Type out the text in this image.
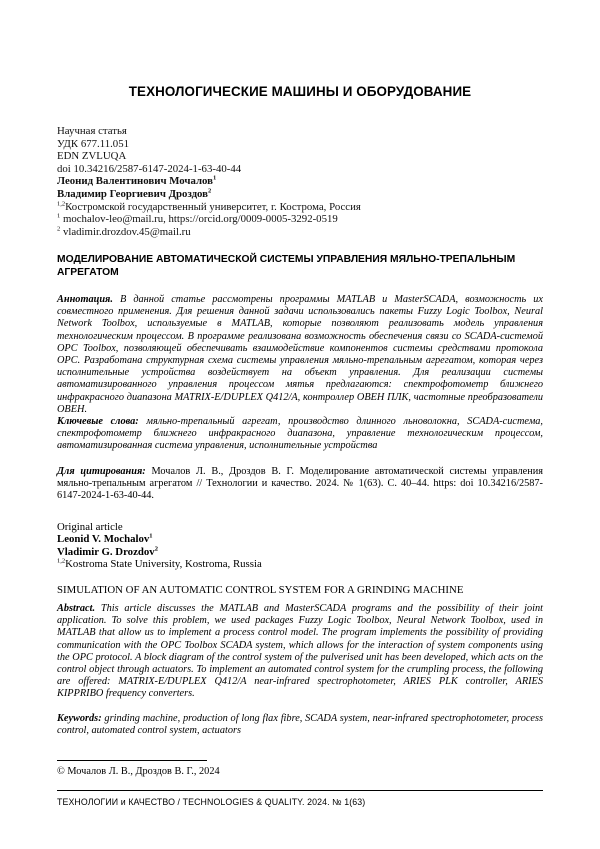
ТЕХНОЛОГИЧЕСКИЕ МАШИНЫ И ОБОРУДОВАНИЕ
Научная статья
УДК 677.11.051
EDN ZVLUQA
doi 10.34216/2587-6147-2024-1-63-40-44
Леонид Валентинович Мочалов$^1$
Владимир Георгиевич Дроздов$^2$
$^{1,2}$Костромской государственный университет, г. Кострома, Россия
$^1$ mochalov-leo@mail.ru, https://orcid.org/0009-0005-3292-0519
$^2$ vladimir.drozdov.45@mail.ru
МОДЕЛИРОВАНИЕ АВТОМАТИЧЕСКОЙ СИСТЕМЫ УПРАВЛЕНИЯ МЯЛЬНО-ТРЕПАЛЬНЫМ АГРЕГАТОМ
Аннотация. В данной статье рассмотрены программы MATLAB и MasterSCADA, возможность их совместного применения. Для решения данной задачи использовались пакеты Fuzzy Logic Toolbox, Neural Network Toolbox, используемые в MATLAB, которые позволяют реализовать модель управления технологическим процессом. В программе реализована возможность обеспечения связи со SCADA-системой OPC Toolbox, позволяющей обеспечивать взаимодействие компонентов системы средствами протокола OPC. Разработана структурная схема системы управления мяльно-трепальным агрегатом, которая через исполнительные устройства воздействует на объект управления. Для реализации системы автоматизированного управления процессом мятья предлагаются: спектрофотометр ближнего инфракрасного диапазона MATRIX-E/DUPLEX Q412/A, контроллер ОВЕН ПЛК, частотные преобразователи ОВЕН.
Ключевые слова: мяльно-трепальный агрегат, производство длинного льноволокна, SCADA-система, спектрофотометр ближнего инфракрасного диапазона, управление технологическим процессом, автоматизированная система управления, исполнительные устройства
Для цитирования: Мочалов Л. В., Дроздов В. Г. Моделирование автоматической системы управления мяльно-трепальным агрегатом // Технологии и качество. 2024. № 1(63). С. 40–44. https: doi 10.34216/2587-6147-2024-1-63-40-44.
Original article
Leonid V. Mochalov$^1$
Vladimir G. Drozdov$^2$
$^{1,2}$Kostroma State University, Kostroma, Russia
SIMULATION OF AN AUTOMATIC CONTROL SYSTEM FOR A GRINDING MACHINE
Abstract. This article discusses the MATLAB and MasterSCADA programs and the possibility of their joint application. To solve this problem, we used packages Fuzzy Logic Toolbox, Neural Network Toolbox, used in MATLAB that allow us to implement a process control model. The program implements the possibility of providing communication with the OPC Toolbox SCADA system, which allows for the interaction of system components using the OPC protocol. A block diagram of the control system of the pulverised unit has been developed, which acts on the control object through actuators. To implement an automated control system for the crumpling process, the following are offered: MATRIX-E/DUPLEX Q412/A near-infrared spectrophotometer, ARIES PLK controller, ARIES KIPPRIBO frequency converters.
Keywords: grinding machine, production of long flax fibre, SCADA system, near-infrared spectrophotometer, process control, automated control system, actuators
© Мочалов Л. В., Дроздов В. Г., 2024
ТЕХНОЛОГИИ и КАЧЕСТВО / TECHNOLOGIES & QUALITY. 2024. № 1(63)
